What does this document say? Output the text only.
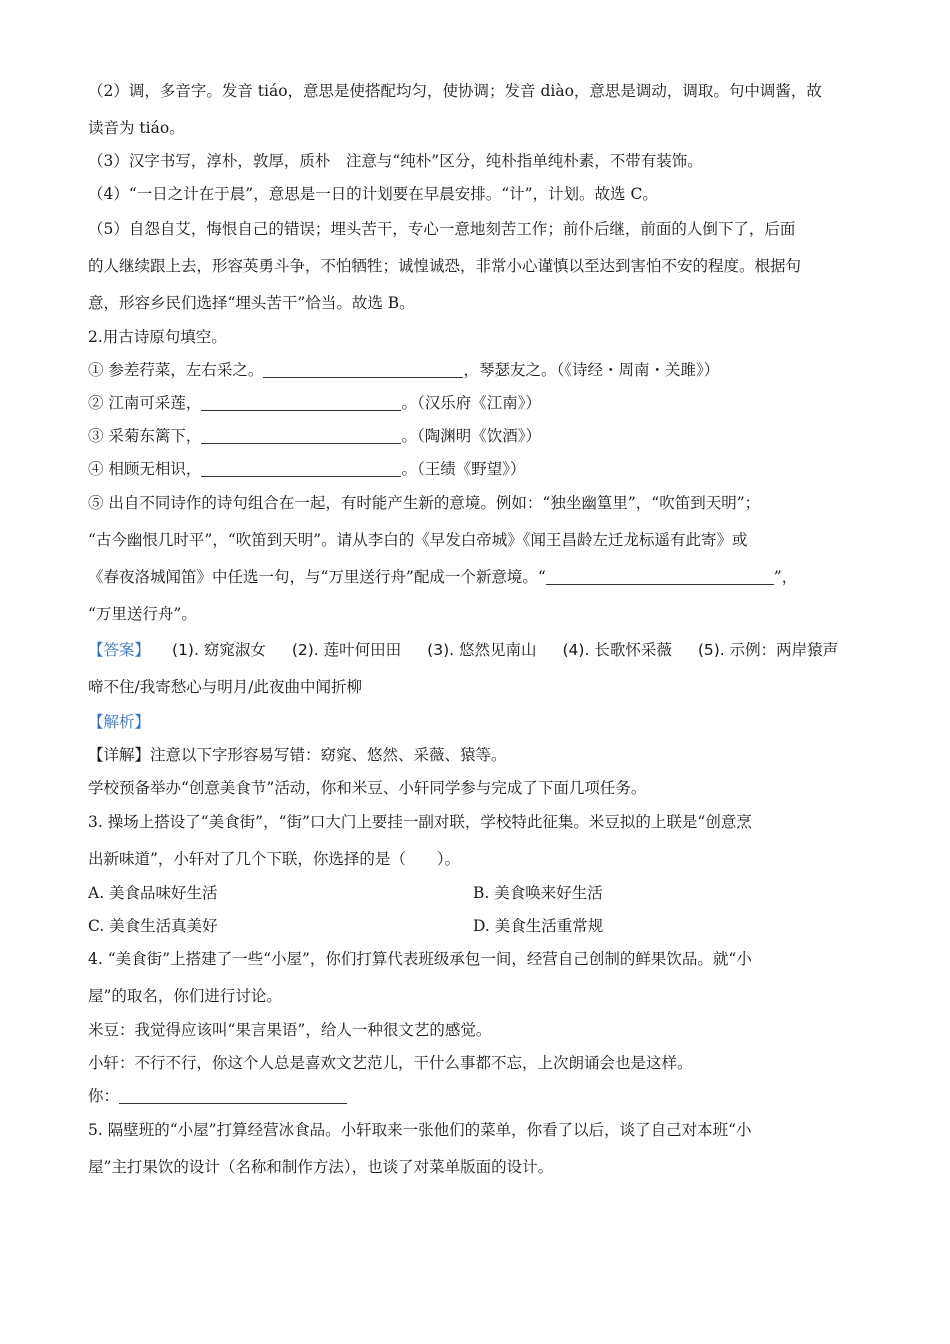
（2）调，多音字。发音 tiáo，意思是使搭配均匀，使协调；发音 diào，意思是调动，调取。句中调酱，故
读音为 tiáo。
（3）汉字书写，淳朴，敦厚，质朴　注意与“纯朴”区分，纯朴指单纯朴素，不带有装饰。
（4）“一日之计在于晨”，意思是一日的计划要在早晨安排。“计”，计划。故选 C。
（5）自怨自艾，悔恨自己的错误；埋头苦干，专心一意地刻苦工作；前仆后继，前面的人倒下了，后面
的人继续跟上去，形容英勇斗争，不怕牺牲；诚惶诚恐，非常小心谨慎以至达到害怕不安的程度。根据句
意，形容乡民们选择“埋头苦干”恰当。故选 B。
2.用古诗原句填空。
① 参差荇菜，左右采之。	，琴瑟友之。（《诗经・周南・关雎》）
② 江南可采莲，	。（汉乐府《江南》）
③ 采菊东篱下，	。（陶渊明《饮酒》）
④ 相顾无相识，	。（王绩《野望》）
⑤ 出自不同诗作的诗句组合在一起，有时能产生新的意境。例如：“独坐幽篁里”，“吹笛到天明”；
“古今幽恨几时平”，“吹笛到天明”。请从李白的《早发白帝城》《闻王昌龄左迁龙标遥有此寄》或
《春夜洛城闻笛》中任选一句，与“万里送行舟”配成一个新意境。“	”，
“万里送行舟”。
【答案】 (1). 窈窕淑女 (2). 莲叶何田田 (3). 悠然见南山 (4). 长歌怀采薇 (5). 示例：两岸猿声
啼不住/我寄愁心与明月/此夜曲中闻折柳
【解析】
【详解】注意以下字形容易写错：窈窕、悠然、采薇、猿等。
学校预备举办“创意美食节”活动，你和米豆、小轩同学参与完成了下面几项任务。
3. 操场上搭设了“美食街”，“街”口大门上要挂一副对联，学校特此征集。米豆拟的上联是“创意烹
出新味道”，小轩对了几个下联，你选择的是（　　）。
A. 美食品味好生活	B. 美食唤来好生活
C. 美食生活真美好	D. 美食生活重常规
4. “美食街”上搭建了一些“小屋”，你们打算代表班级承包一间，经营自己创制的鲜果饮品。就“小
屋”的取名，你们进行讨论。
米豆：我觉得应该叫“果言果语”，给人一种很文艺的感觉。
小轩：不行不行，你这个人总是喜欢文艺范儿，干什么事都不忘，上次朗诵会也是这样。
你：
5. 隔壁班的“小屋”打算经营冰食品。小轩取来一张他们的菜单，你看了以后，谈了自己对本班“小
屋”主打果饮的设计（名称和制作方法），也谈了对菜单版面的设计。
